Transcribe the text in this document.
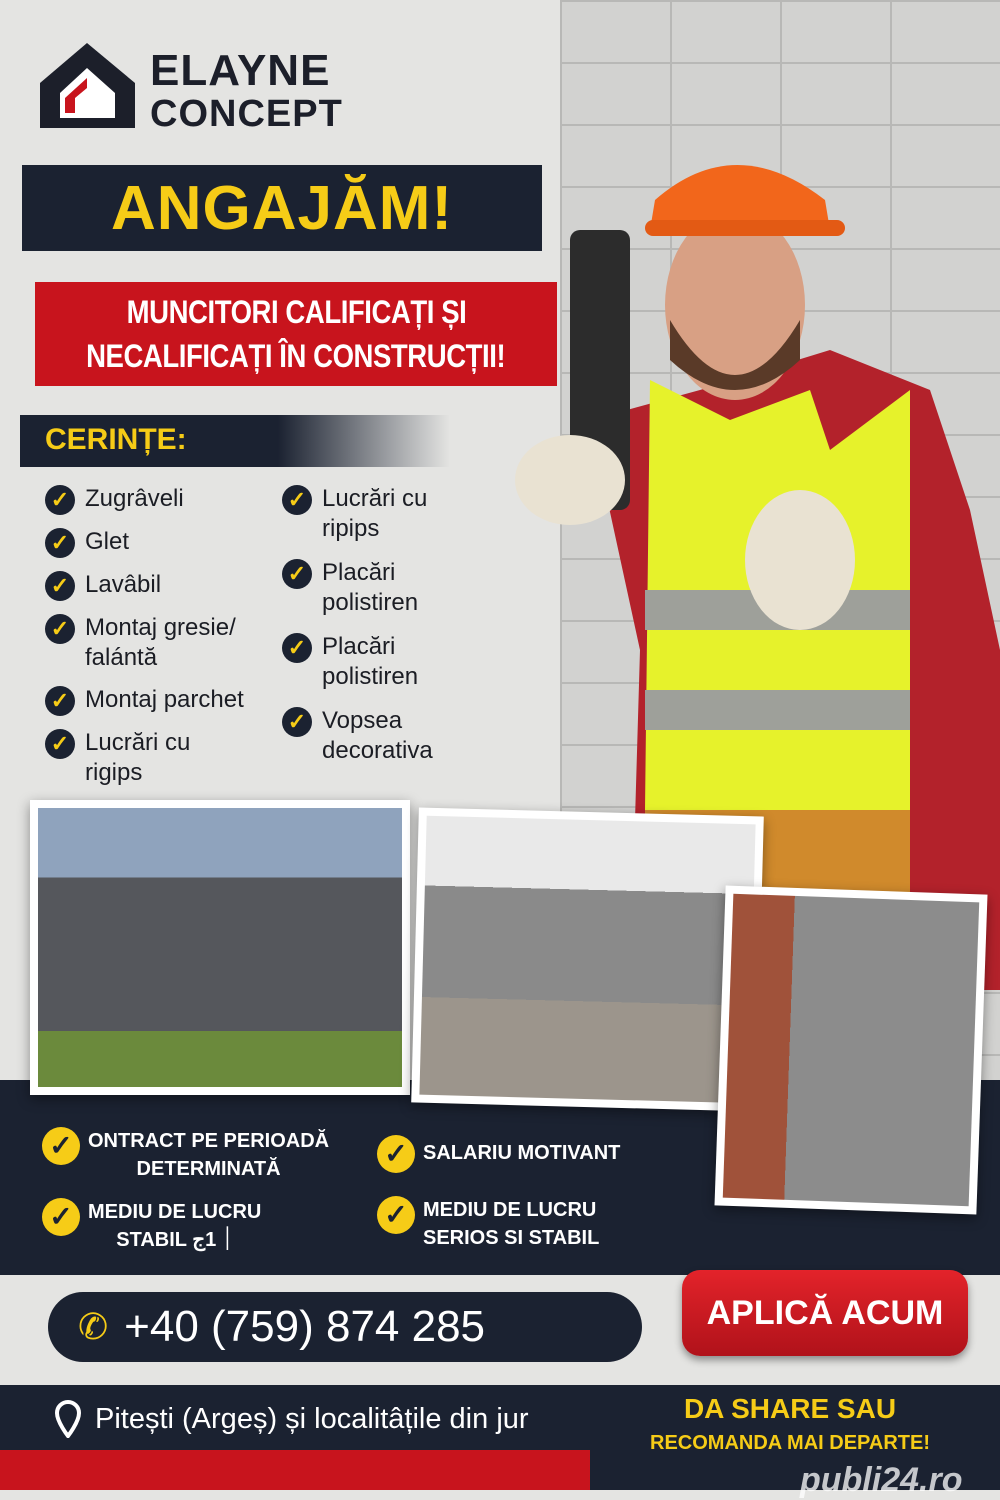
ELAYNE
CONCEPT
ANGAJĂM!
MUNCITORI CALIFICAȚI ȘI
NECALIFICAȚI ÎN CONSTRUCȚII!
CERINȚE:
✓ Zugrâveli
✓ Glet
✓ Lavâbil
✓ Montaj gresie/ falántă
✓ Montaj parchet
✓ Lucrări cu rigips
✓ Lucrări cu ripips
✓ Placări polistiren
✓ Placări polistiren
✓ Vopsea decorativa
✓ ONTRACT PE PERIOADĂ
DETERMINATĂ	✓ SALARIU MOTIVANT
✓ MEDIU DE LUCRU
STABIL ׀ 1ج
✓ MEDIU DE LUCRU
SERIOS SI STABIL
✆ +40 (759) 874 285	APLICĂ ACUM
Pitești (Argeș) și localitâțile din jur	DA SHARE SAU
RECOMANDA MAI DEPARTE!
publi24.ro
